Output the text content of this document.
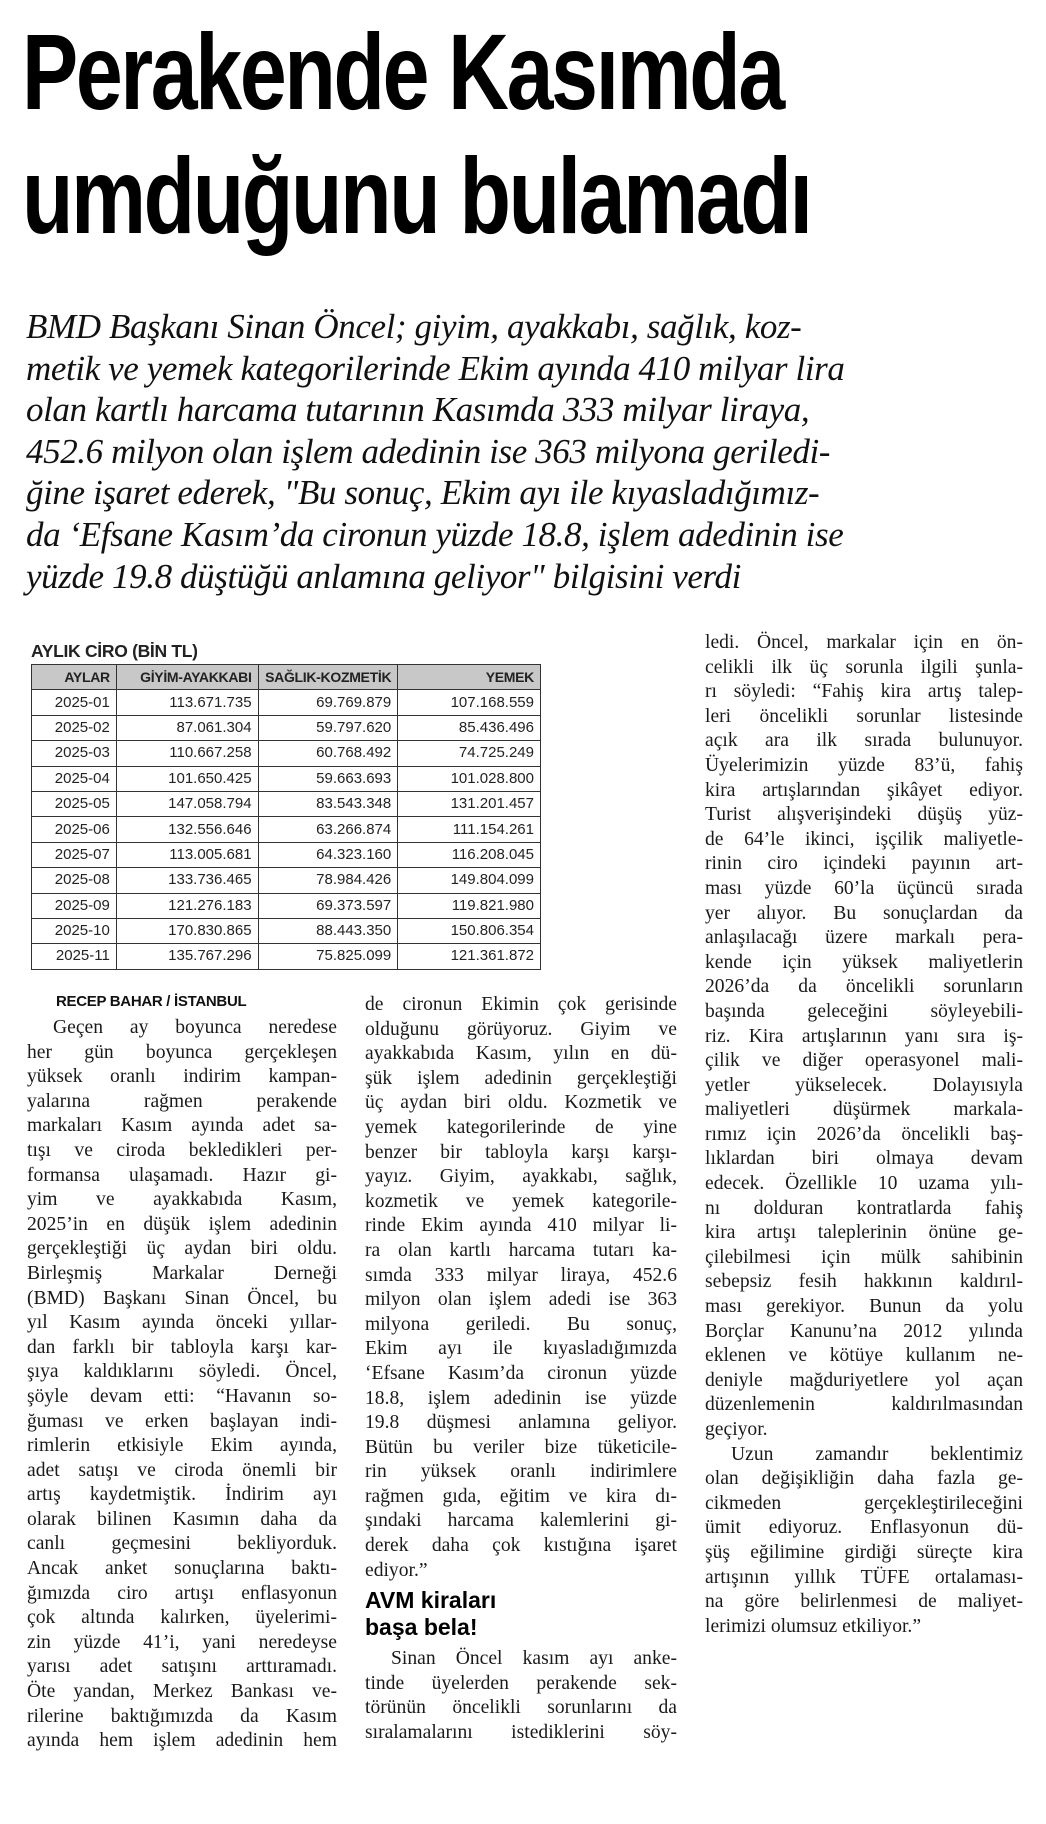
Perakende Kasımda
umduğunu bulamadı
BMD Başkanı Sinan Öncel; giyim, ayakkabı, sağlık, koz-
metik ve yemek kategorilerinde Ekim ayında 410 milyar lira
olan kartlı harcama tutarının Kasımda 333 milyar liraya,
452.6 milyon olan işlem adedinin ise 363 milyona geriledi-
ğine işaret ederek, "Bu sonuç, Ekim ayı ile kıyasladığımız-
da ‘Efsane Kasım’da cironun yüzde 18.8, işlem adedinin ise
yüzde 19.8 düştüğü anlamına geliyor" bilgisini verdi
AYLIK CİRO (BİN TL)
AYLAR	GİYİM-AYAKKABI	SAĞLIK-KOZMETİK	YEMEK
2025-01	113.671.735	69.769.879	107.168.559
2025-02	87.061.304	59.797.620	85.436.496
2025-03	110.667.258	60.768.492	74.725.249
2025-04	101.650.425	59.663.693	101.028.800
2025-05	147.058.794	83.543.348	131.201.457
2025-06	132.556.646	63.266.874	111.154.261
2025-07	113.005.681	64.323.160	116.208.045
2025-08	133.736.465	78.984.426	149.804.099
2025-09	121.276.183	69.373.597	119.821.980
2025-10	170.830.865	88.443.350	150.806.354
2025-11	135.767.296	75.825.099	121.361.872
RECEP BAHAR / İSTANBUL
Geçen ay boyunca neredese
her gün boyunca gerçekleşen
yüksek oranlı indirim kampan-
yalarına rağmen perakende
markaları Kasım ayında adet sa-
tışı ve ciroda bekledikleri per-
formansa ulaşamadı. Hazır gi-
yim ve ayakkabıda Kasım,
2025’in en düşük işlem adedinin
gerçekleştiği üç aydan biri oldu.
Birleşmiş Markalar Derneği
(BMD) Başkanı Sinan Öncel, bu
yıl Kasım ayında önceki yıllar-
dan farklı bir tabloyla karşı kar-
şıya kaldıklarını söyledi. Öncel,
şöyle devam etti: “Havanın so-
ğuması ve erken başlayan indi-
rimlerin etkisiyle Ekim ayında,
adet satışı ve ciroda önemli bir
artış kaydetmiştik. İndirim ayı
olarak bilinen Kasımın daha da
canlı geçmesini bekliyorduk.
Ancak anket sonuçlarına baktı-
ğımızda ciro artışı enflasyonun
çok altında kalırken, üyelerimi-
zin yüzde 41’i, yani neredeyse
yarısı adet satışını arttıramadı.
Öte yandan, Merkez Bankası ve-
rilerine baktığımızda da Kasım
ayında hem işlem adedinin hem
de cironun Ekimin çok gerisinde
olduğunu görüyoruz. Giyim ve
ayakkabıda Kasım, yılın en dü-
şük işlem adedinin gerçekleştiği
üç aydan biri oldu. Kozmetik ve
yemek kategorilerinde de yine
benzer bir tabloyla karşı karşı-
yayız. Giyim, ayakkabı, sağlık,
kozmetik ve yemek kategorile-
rinde Ekim ayında 410 milyar li-
ra olan kartlı harcama tutarı ka-
sımda 333 milyar liraya, 452.6
milyon olan işlem adedi ise 363
milyona geriledi. Bu sonuç,
Ekim ayı ile kıyasladığımızda
‘Efsane Kasım’da cironun yüzde
18.8, işlem adedinin ise yüzde
19.8 düşmesi anlamına geliyor.
Bütün bu veriler bize tüketicile-
rin yüksek oranlı indirimlere
rağmen gıda, eğitim ve kira dı-
şındaki harcama kalemlerini gi-
derek daha çok kıstığına işaret
ediyor.”
AVM kiraları
başa bela!
Sinan Öncel kasım ayı anke-
tinde üyelerden perakende sek-
törünün öncelikli sorunlarını da
sıralamalarını istediklerini söy-
ledi. Öncel, markalar için en ön-
celikli ilk üç sorunla ilgili şunla-
rı söyledi: “Fahiş kira artış talep-
leri öncelikli sorunlar listesinde
açık ara ilk sırada bulunuyor.
Üyelerimizin yüzde 83’ü, fahiş
kira artışlarından şikâyet ediyor.
Turist alışverişindeki düşüş yüz-
de 64’le ikinci, işçilik maliyetle-
rinin ciro içindeki payının art-
ması yüzde 60’la üçüncü sırada
yer alıyor. Bu sonuçlardan da
anlaşılacağı üzere markalı pera-
kende için yüksek maliyetlerin
2026’da da öncelikli sorunların
başında geleceğini söyleyebili-
riz. Kira artışlarının yanı sıra iş-
çilik ve diğer operasyonel mali-
yetler yükselecek. Dolayısıyla
maliyetleri düşürmek markala-
rımız için 2026’da öncelikli baş-
lıklardan biri olmaya devam
edecek. Özellikle 10 uzama yılı-
nı dolduran kontratlarda fahiş
kira artışı taleplerinin önüne ge-
çilebilmesi için mülk sahibinin
sebepsiz fesih hakkının kaldırıl-
ması gerekiyor. Bunun da yolu
Borçlar Kanunu’na 2012 yılında
eklenen ve kötüye kullanım ne-
deniyle mağduriyetlere yol açan
düzenlemenin kaldırılmasından
geçiyor.
Uzun zamandır beklentimiz
olan değişikliğin daha fazla ge-
cikmeden gerçekleştirileceğini
ümit ediyoruz. Enflasyonun dü-
şüş eğilimine girdiği süreçte kira
artışının yıllık TÜFE ortalaması-
na göre belirlenmesi de maliyet-
lerimizi olumsuz etkiliyor.”
